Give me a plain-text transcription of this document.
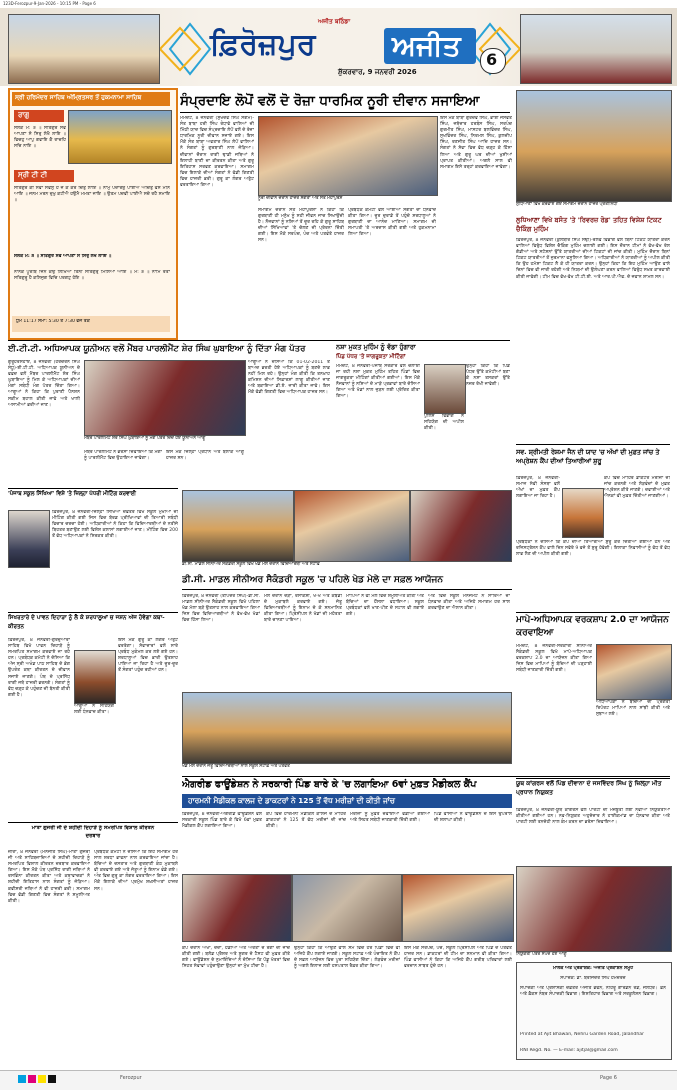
123D-Ferozpur-9-Jan-2026 - 10:15 PM - Page 6
ਅਜੀਤ ਬਠਿੰਡਾ
ਫ਼ਿਰੋਜ਼ਪੁਰ	ਅਜੀਤ
ਸ਼ੁੱਕਰਵਾਰ, 9 ਜਨਵਰੀ 2026
6
ਸ੍ਰੀ ਹਰਿਮੰਦਰ ਸਾਹਿਬ ਅੰਮ੍ਰਿਤਸਰ ਤੋਂ ਹੁਕਮਨਾਮਾ ਸਾਹਿਬ
ਰਾਗੁ
ਸਲੋਕ ਮ: ੩ ॥ ਸਤਿਗੁਰ ਸੇਵੇ ਆਪਣਾ ਸੋ ਸਿਰੁ ਲੇਖੈ ਲਾਇ ॥ ਵਿਚਹੁ ਆਪੁ ਗਵਾਇ ਕੈ ਰਾਚਹਿ ਸਚਿ ਨਾਇ ॥
ਸ੍ਰੀ ਟੀ ਟੀ
ਸਤਿਗੁਰ ਕੀ ਸੇਵਾ ਸਫਲੁ ਹੈ ਜੇ ਕੋ ਕਰੇ ਚਿਤੁ ਲਾਇ ॥ ਨਾਮੁ ਪਦਾਰਥੁ ਪਾਈਐ ਅਚਿੰਤੁ ਵਸੈ ਮਨਿ ਆਇ ॥ ਜਨਮ ਮਰਨ ਦੁਖੁ ਕਟੀਐ ਹਉਮੈ ਮਮਤਾ ਜਾਇ ॥ ਉਤਮ ਪਦਵੀ ਪਾਈਐ ਸਚੇ ਰਹੈ ਸਮਾਇ ॥
ਸਲੋਕ ਮ: ੩ ॥ ਸਤਿਗੁਰ ਸੇਵੇ ਆਪਣਾ ਸੋ ਸਿਰੁ ਲੇਖੈ ਲਾਇ ॥
ਨਾਨਕ ਪੂਰਬਿ ਜਿਨ ਕਉ ਲਿਖਿਆ ਤਿਨੀ ਸਤਿਗੁਰੁ ਮਿਲਿਆ ਆਇ ॥ ਮ: ੩ ॥ ਨਾਮਿ ਰਤਾ ਸਤਿਗੁਰੂ ਹੈ ਕਲਿਜੁਗ ਵਿਚਿ ਪਰਗਟੁ ਹੋਇ ॥
ਧੁਮ 11:17 ਸਮਾਂ: 5:30 ਤੋਂ 7:30 ਵਜੇ ਤੱਕ
ਸੰਪ੍ਰਦਾਇ ਲੋਪੋਂ ਵਲੋਂ ਦੋ ਰੋਜ਼ਾ ਧਾਰਮਿਕ ਨੂਰੀ ਦੀਵਾਨ ਸਜਾਇਆ
ਮਮਦੋਟ, 8 ਜਨਵਰੀ (ਸੁਖਦੇਵ ਸਿੰਘ ਸੰਗਮ)-ਸੰਤ ਬਾਬਾ ਹਰੀ ਸਿੰਘ ਰੰਧਾਵੇ ਵਾਲਿਆਂ ਦੀ ਮਿੱਠੀ ਯਾਦ ਵਿਚ ਸੰਪ੍ਰਦਾਇ ਲੋਪੋਂ ਵਲੋਂ ਦੋ ਰੋਜ਼ਾ ਧਾਰਮਿਕ ਨੂਰੀ ਦੀਵਾਨ ਸਜਾਏ ਗਏ। ਇਸ ਮੌਕੇ ਸੰਤ ਬਾਬਾ ਅਵਤਾਰ ਸਿੰਘ ਲੋਪੋਂ ਵਾਲਿਆਂ ਨੇ ਸੰਗਤਾਂ ਨੂੰ ਗੁਰਬਾਣੀ ਨਾਲ ਜੋੜਿਆ। ਦੀਵਾਨਾਂ ਦੌਰਾਨ ਰਾਗੀ ਢਾਡੀ ਜਥਿਆਂ ਨੇ ਇਲਾਹੀ ਬਾਣੀ ਦਾ ਕੀਰਤਨ ਕੀਤਾ ਅਤੇ ਗੁਰੂ ਇਤਿਹਾਸ ਸਰਵਣ ਕਰਵਾਇਆ। ਸਮਾਗਮ ਵਿਚ ਇਲਾਕੇ ਦੀਆਂ ਸੰਗਤਾਂ ਨੇ ਵੱਡੀ ਗਿਣਤੀ ਵਿਚ ਹਾਜ਼ਰੀ ਭਰੀ। ਗੁਰੂ ਕਾ ਲੰਗਰ ਅਤੁੱਟ ਵਰਤਾਇਆ ਗਿਆ।
ਨੂਰੀ ਦੀਵਾਨ ਦੌਰਾਨ ਹਾਜ਼ਰ ਸੰਗਤਾਂ ਅਤੇ ਸੰਤ ਮਹਾਂਪੁਰਸ਼
ਸਮਾਗਮ ਦੌਰਾਨ ਸੰਤ ਮਹਾਂਪੁਰਸ਼ਾਂ ਨੇ ਕਿਹਾ ਕਿ ਗੁਰਬਾਣੀ ਹੀ ਮਨੁੱਖ ਨੂੰ ਸਹੀ ਜੀਵਨ ਜਾਚ ਸਿਖਾਉਂਦੀ ਹੈ। ਨੌਜਵਾਨਾਂ ਨੂੰ ਨਸ਼ਿਆਂ ਤੋਂ ਦੂਰ ਰਹਿ ਕੇ ਗੁਰੂ ਸਾਹਿਬ ਦੀਆਂ ਸਿੱਖਿਆਵਾਂ 'ਤੇ ਚੱਲਣ ਦੀ ਪ੍ਰੇਰਨਾ ਦਿੱਤੀ ਗਈ। ਇਸ ਮੌਕੇ ਸਰਪੰਚ, ਪੰਚ ਅਤੇ ਪਤਵੰਤੇ ਹਾਜ਼ਰ ਸਨ।
ਪ੍ਰਬੰਧਕ ਕਮੇਟੀ ਵਲੋਂ ਆਈਆਂ ਸੰਗਤਾਂ ਦਾ ਧੰਨਵਾਦ ਕੀਤਾ ਗਿਆ। ਦੂਰ ਦੁਰਾਡੇ ਤੋਂ ਪਹੁੰਚੇ ਸ਼ਰਧਾਲੂਆਂ ਨੇ ਗੁਰਬਾਣੀ ਦਾ ਆਨੰਦ ਮਾਣਿਆ। ਸਮਾਗਮ ਦੀ ਸਮਾਪਤੀ 'ਤੇ ਅਰਦਾਸ ਕੀਤੀ ਗਈ ਅਤੇ ਹੁਕਮਨਾਮਾ ਲਿਆ ਗਿਆ।
ਇਸ ਮੌਕੇ ਬਾਬਾ ਗੁਰਦੇਵ ਸਿੰਘ, ਭਾਈ ਜਸਵੰਤ ਸਿੰਘ, ਜਥੇਦਾਰ ਹਰਬੰਸ ਸਿੰਘ, ਸਰਪੰਚ ਗੁਰਮੀਤ ਸਿੰਘ, ਮਾਸਟਰ ਬਲਵਿੰਦਰ ਸਿੰਘ, ਸੁਖਵਿੰਦਰ ਸਿੰਘ, ਨਿਰਮਲ ਸਿੰਘ, ਕੁਲਦੀਪ ਸਿੰਘ, ਰਣਜੀਤ ਸਿੰਘ ਆਦਿ ਹਾਜ਼ਰ ਸਨ। ਸੰਗਤਾਂ ਨੇ ਸੇਵਾ ਵਿਚ ਵੱਧ ਚੜ੍ਹ ਕੇ ਹਿੱਸਾ ਲਿਆ ਅਤੇ ਗੁਰੂ ਘਰ ਦੀਆਂ ਖੁਸ਼ੀਆਂ ਪ੍ਰਾਪਤ ਕੀਤੀਆਂ। ਅਗਲੇ ਸਾਲ ਵੀ ਸਮਾਗਮ ਇਸੇ ਤਰ੍ਹਾਂ ਕਰਵਾਇਆ ਜਾਵੇਗਾ।
ਲੁਧਿਆਣਾ ਵਿਖੇ ਕਰਵਾਏ ਗਏ ਸਮਾਗਮ ਦੌਰਾਨ ਹਾਜ਼ਰ ਪ੍ਰਤੀਨਿਧੀ
ਲੁਧਿਆਣਾ ਵਿਖੇ ਬਸੰਤ 'ਤੇ 'ਰਿਵਰਜ਼ ਰੋਡ' ਤਹਿਤ ਵਿਸ਼ੇਸ਼ ਟਿਕਟ ਚੈਕਿੰਗ ਮੁਹਿੰਮ
ਫ਼ਿਰੋਜ਼ਪੁਰ, 8 ਜਨਵਰੀ (ਕੁਲਬੀਰ ਸਿੰਘ ਸੋਢੀ)-ਰੇਲਵੇ ਵਿਭਾਗ ਵਲੋਂ ਬਿਨਾਂ ਟਿਕਟ ਯਾਤਰਾ ਕਰਨ ਵਾਲਿਆਂ ਵਿਰੁੱਧ ਵਿਸ਼ੇਸ਼ ਚੈਕਿੰਗ ਮੁਹਿੰਮ ਚਲਾਈ ਗਈ। ਇਸ ਦੌਰਾਨ ਟੀਮਾਂ ਨੇ ਵੱਖ-ਵੱਖ ਰੇਲ ਗੱਡੀਆਂ ਅਤੇ ਸਟੇਸ਼ਨਾਂ ਉੱਤੇ ਯਾਤਰੀਆਂ ਦੀਆਂ ਟਿਕਟਾਂ ਦੀ ਜਾਂਚ ਕੀਤੀ। ਮੁਹਿੰਮ ਦੌਰਾਨ ਬਿਨਾਂ ਟਿਕਟ ਯਾਤਰੀਆਂ ਤੋਂ ਜੁਰਮਾਨਾ ਵਸੂਲਿਆ ਗਿਆ। ਅਧਿਕਾਰੀਆਂ ਨੇ ਯਾਤਰੀਆਂ ਨੂੰ ਅਪੀਲ ਕੀਤੀ ਕਿ ਉਹ ਹਮੇਸ਼ਾ ਟਿਕਟ ਲੈ ਕੇ ਹੀ ਯਾਤਰਾ ਕਰਨ। ਉਨ੍ਹਾਂ ਕਿਹਾ ਕਿ ਇਹ ਮੁਹਿੰਮ ਆਉਣ ਵਾਲੇ ਦਿਨਾਂ ਵਿਚ ਵੀ ਜਾਰੀ ਰਹੇਗੀ ਅਤੇ ਨਿਯਮਾਂ ਦੀ ਉਲੰਘਣਾ ਕਰਨ ਵਾਲਿਆਂ ਵਿਰੁੱਧ ਸਖ਼ਤ ਕਾਰਵਾਈ ਕੀਤੀ ਜਾਵੇਗੀ। ਟੀਮ ਵਿਚ ਵੱਖ-ਵੱਖ ਟੀ.ਟੀ.ਈ. ਅਤੇ ਆਰ.ਪੀ.ਐਫ. ਦੇ ਜਵਾਨ ਸ਼ਾਮਲ ਸਨ।
ਈ.ਟੀ.ਟੀ. ਅਧਿਆਪਕ ਯੂਨੀਅਨ ਵਲੋਂ ਮੈਂਬਰ ਪਾਰਲੀਮੈਂਟ ਸ਼ੇਰ ਸਿੰਘ ਘੁਬਾਇਆ ਨੂੰ ਦਿੱਤਾ ਮੰਗ ਪੱਤਰ
ਗੁਰੂਹਰਸਹਾਏ, 8 ਜਨਵਰੀ (ਹਰਚਰਨ ਸਿੰਘ ਸੰਧੂ)-ਈ.ਟੀ.ਟੀ. ਅਧਿਆਪਕ ਯੂਨੀਅਨ ਦੇ ਵਫ਼ਦ ਵਲੋਂ ਮੈਂਬਰ ਪਾਰਲੀਮੈਂਟ ਸ਼ੇਰ ਸਿੰਘ ਘੁਬਾਇਆ ਨੂੰ ਮਿਲ ਕੇ ਅਧਿਆਪਕਾਂ ਦੀਆਂ ਮੰਗਾਂ ਸਬੰਧੀ ਮੰਗ ਪੱਤਰ ਦਿੱਤਾ ਗਿਆ। ਆਗੂਆਂ ਨੇ ਕਿਹਾ ਕਿ ਪੁਰਾਣੀ ਪੈਨਸ਼ਨ ਸਕੀਮ ਬਹਾਲ ਕੀਤੀ ਜਾਵੇ ਅਤੇ ਖਾਲੀ ਅਸਾਮੀਆਂ ਭਰੀਆਂ ਜਾਣ।
ਮੈਂਬਰ ਪਾਰਲੀਮੈਂਟ ਸ਼ੇਰ ਸਿੰਘ ਘੁਬਾਇਆ ਨੂੰ ਮੰਗ ਪੱਤਰ ਦਿੰਦੇ ਹੋਏ ਯੂਨੀਅਨ ਆਗੂ
ਮੈਂਬਰ ਪਾਰਲੀਮੈਂਟ ਨੇ ਭਰੋਸਾ ਦਿਵਾਇਆ ਕਿ ਮੰਗਾਂ ਨੂੰ ਪਾਰਲੀਮੈਂਟ ਵਿਚ ਉਠਾਇਆ ਜਾਵੇਗਾ।
ਇਸ ਮੌਕੇ ਜ਼ਿਲ੍ਹਾ ਪ੍ਰਧਾਨ ਅਤੇ ਬਲਾਕ ਆਗੂ ਹਾਜ਼ਰ ਸਨ।
ਆਗੂਆਂ ਨੇ ਦੱਸਿਆ ਕਿ 01-02-2011 ਤੋਂ ਬਾਅਦ ਭਰਤੀ ਹੋਏ ਅਧਿਆਪਕਾਂ ਨੂੰ ਬਣਦੇ ਲਾਭ ਨਹੀਂ ਮਿਲ ਰਹੇ। ਉਨ੍ਹਾਂ ਮੰਗ ਕੀਤੀ ਕਿ ਤਨਖ਼ਾਹ ਕਮਿਸ਼ਨ ਦੀਆਂ ਸਿਫ਼ਾਰਸ਼ਾਂ ਲਾਗੂ ਕੀਤੀਆਂ ਜਾਣ ਅਤੇ ਬਕਾਇਆ ਡੀ.ਏ. ਜਾਰੀ ਕੀਤਾ ਜਾਵੇ। ਇਸ ਮੌਕੇ ਵੱਡੀ ਗਿਣਤੀ ਵਿਚ ਅਧਿਆਪਕ ਹਾਜ਼ਰ ਸਨ।
ਨਸ਼ਾ ਮੁਕਤ ਮੁਹਿੰਮ ਨੂੰ ਵੱਡਾ ਹੁੰਗਾਰਾ
ਪਿੰਡ ਪੱਧਰ 'ਤੇ ਜਾਗਰੂਕਤਾ ਮੀਟਿੰਗਾਂ
ਮਮਦੋਟ, 8 ਜਨਵਰੀ-ਪੰਜਾਬ ਸਰਕਾਰ ਵਲੋਂ ਚਲਾਈ ਜਾ ਰਹੀ ਨਸ਼ਾ ਮੁਕਤ ਮੁਹਿੰਮ ਤਹਿਤ ਪਿੰਡਾਂ ਵਿਚ ਜਾਗਰੂਕਤਾ ਮੀਟਿੰਗਾਂ ਕੀਤੀਆਂ ਗਈਆਂ। ਇਸ ਮੌਕੇ ਨੌਜਵਾਨਾਂ ਨੂੰ ਨਸ਼ਿਆਂ ਦੇ ਮਾੜੇ ਪ੍ਰਭਾਵਾਂ ਬਾਰੇ ਦੱਸਿਆ ਗਿਆ ਅਤੇ ਖੇਡਾਂ ਨਾਲ ਜੁੜਨ ਲਈ ਪ੍ਰੇਰਿਤ ਕੀਤਾ ਗਿਆ।
ਉਨ੍ਹਾਂ ਕਿਹਾ ਕਿ ਪਿੰਡ ਪੱਧਰ ਉੱਤੇ ਕਮੇਟੀਆਂ ਬਣਾ ਕੇ ਨਸ਼ਾ ਤਸਕਰਾਂ ਉੱਤੇ ਨਜ਼ਰ ਰੱਖੀ ਜਾਵੇਗੀ।
ਪੁਲਿਸ ਵਿਭਾਗ ਨੇ ਸਹਿਯੋਗ ਦੀ ਅਪੀਲ ਕੀਤੀ।
ਸਵ. ਸ਼੍ਰੀਮਤੀ ਰੇਸ਼ਮਾ ਜੈਨ ਦੀ ਯਾਦ 'ਚ ਅੱਖਾਂ ਦੀ ਮੁਫ਼ਤ ਜਾਂਚ ਤੇ ਅਪ੍ਰੇਸ਼ਨ ਕੈਂਪ ਦੀਆਂ ਤਿਆਰੀਆਂ ਸ਼ੁਰੂ
ਫ਼ਿਰੋਜ਼ਪੁਰ, 8 ਜਨਵਰੀ-ਸਮਾਜ ਸੇਵੀ ਸੰਸਥਾ ਵਲੋਂ ਅੱਖਾਂ ਦਾ ਮੁਫ਼ਤ ਕੈਂਪ ਲਗਾਇਆ ਜਾ ਰਿਹਾ ਹੈ।
ਕੈਂਪ ਵਿਚ ਮਾਹਿਰ ਡਾਕਟਰ ਮਰੀਜ਼ਾਂ ਦੀ ਜਾਂਚ ਕਰਨਗੇ ਅਤੇ ਲੋੜਵੰਦਾਂ ਦੇ ਮੁਫ਼ਤ ਅਪ੍ਰੇਸ਼ਨ ਕੀਤੇ ਜਾਣਗੇ। ਦਵਾਈਆਂ ਅਤੇ ਐਨਕਾਂ ਵੀ ਮੁਫ਼ਤ ਦਿੱਤੀਆਂ ਜਾਣਗੀਆਂ।
ਪ੍ਰਬੰਧਕਾਂ ਨੇ ਦੱਸਿਆ ਕਿ ਕੈਂਪ ਦੀਆਂ ਤਿਆਰੀਆਂ ਸ਼ੁਰੂ ਕਰ ਦਿੱਤੀਆਂ ਗਈਆਂ ਹਨ ਅਤੇ ਰਜਿਸਟ੍ਰੇਸ਼ਨ ਕੈਂਪ ਵਾਲੇ ਦਿਨ ਸਵੇਰੇ 9 ਵਜੇ ਤੋਂ ਸ਼ੁਰੂ ਹੋਵੇਗੀ। ਇਲਾਕਾ ਨਿਵਾਸੀਆਂ ਨੂੰ ਵੱਧ ਤੋਂ ਵੱਧ ਲਾਭ ਲੈਣ ਦੀ ਅਪੀਲ ਕੀਤੀ ਗਈ।
'ਪੰਜਾਬ ਸਕੂਲ ਸਿੱਖਿਆ' ਵਿਸ਼ੇ 'ਤੇ ਜ਼ਿਲ੍ਹਾ ਪੱਧਰੀ ਮੀਟਿੰਗ ਕਰਵਾਈ
ਫ਼ਿਰੋਜ਼ਪੁਰ, 8 ਜਨਵਰੀ-ਜ਼ਿਲ੍ਹਾ ਸਿੱਖਿਆ ਦਫ਼ਤਰ ਵਿਖੇ ਸਕੂਲ ਮੁਖੀਆਂ ਦੀ ਮੀਟਿੰਗ ਕੀਤੀ ਗਈ ਜਿਸ ਵਿਚ ਬੋਰਡ ਪ੍ਰੀਖਿਆਵਾਂ ਦੀ ਤਿਆਰੀ ਸਬੰਧੀ ਵਿਚਾਰ ਚਰਚਾ ਹੋਈ। ਅਧਿਕਾਰੀਆਂ ਨੇ ਕਿਹਾ ਕਿ ਵਿਦਿਆਰਥੀਆਂ ਦੇ ਨਤੀਜੇ ਬਿਹਤਰ ਬਣਾਉਣ ਲਈ ਵਿਸ਼ੇਸ਼ ਕਲਾਸਾਂ ਲਗਾਈਆਂ ਜਾਣ। ਮੀਟਿੰਗ ਵਿਚ 200 ਤੋਂ ਵੱਧ ਅਧਿਆਪਕਾਂ ਨੇ ਸ਼ਿਰਕਤ ਕੀਤੀ।
ਡੀ.ਸੀ. ਮਾਡਲ ਸੀਨੀਅਰ ਸੈਕੰਡਰੀ ਸਕੂਲ ਵਿਖੇ ਖੇਡ ਮੇਲੇ ਦੌਰਾਨ ਵਿਦਿਆਰਥੀ ਅਤੇ ਸਟਾਫ਼
ਡੀ.ਸੀ. ਮਾਡਲ ਸੀਨੀਅਰ ਸੈਕੰਡਰੀ ਸਕੂਲ 'ਚ ਪਹਿਲੇ ਖੇਡ ਮੇਲੇ ਦਾ ਸਫ਼ਲ ਆਯੋਜਨ
ਫ਼ਿਰੋਜ਼ਪੁਰ, 8 ਜਨਵਰੀ (ਤਪਿੰਦਰ ਸਿੰਘ)-ਡੀ.ਸੀ. ਮਾਡਲ ਸੀਨੀਅਰ ਸੈਕੰਡਰੀ ਸਕੂਲ ਵਿਖੇ ਪਹਿਲਾ ਖੇਡ ਮੇਲਾ ਬੜੇ ਉਤਸ਼ਾਹ ਨਾਲ ਕਰਵਾਇਆ ਗਿਆ ਜਿਸ ਵਿਚ ਵਿਦਿਆਰਥੀਆਂ ਨੇ ਵੱਖ-ਵੱਖ ਖੇਡਾਂ ਵਿਚ ਹਿੱਸਾ ਲਿਆ।
ਮੇਲੇ ਦੌਰਾਨ ਦੌੜਾਂ, ਰੱਸਾਕਸ਼ੀ, ਖੋ-ਖੋ ਅਤੇ ਕਬੱਡੀ ਦੇ ਮੁਕਾਬਲੇ ਕਰਵਾਏ ਗਏ। ਜੇਤੂ ਵਿਦਿਆਰਥੀਆਂ ਨੂੰ ਇਨਾਮ ਦੇ ਕੇ ਸਨਮਾਨਿਤ ਕੀਤਾ ਗਿਆ। ਪ੍ਰਿੰਸੀਪਲ ਨੇ ਖੇਡਾਂ ਦੀ ਮਹੱਤਤਾ ਬਾਰੇ ਚਾਨਣਾ ਪਾਇਆ।
ਮਾਪਿਆਂ ਨੇ ਵੀ ਮੇਲੇ ਵਿਚ ਸ਼ਮੂਲੀਅਤ ਕੀਤੀ ਅਤੇ ਬੱਚਿਆਂ ਦਾ ਹੌਂਸਲਾ ਵਧਾਇਆ। ਸਕੂਲ ਪ੍ਰਬੰਧਕਾਂ ਵਲੋਂ ਖਾਣ-ਪੀਣ ਦੇ ਸਟਾਲ ਵੀ ਲਗਾਏ ਗਏ।
ਅੰਤ ਵਿਚ ਸਕੂਲ ਮੈਨੇਜਮੈਂਟ ਨੇ ਸਾਰਿਆਂ ਦਾ ਧੰਨਵਾਦ ਕੀਤਾ ਅਤੇ ਅਜਿਹੇ ਸਮਾਗਮ ਹਰ ਸਾਲ ਕਰਵਾਉਣ ਦਾ ਐਲਾਨ ਕੀਤਾ।
ਸਿਖਰਤਾਰੇ ਦੇ ਪਾਵਨ ਦਿਹਾੜਾ ਨੂੰ ਲੈ ਕੇ ਸ਼ਰਧਾਲੂਆਂ ਚ ਜਸ਼ਨ ਅੱਜ ਹੋਵੇਗਾ ਕਥਾ-ਕੀਰਤਨ
ਫ਼ਿਰੋਜ਼ਪੁਰ, 8 ਜਨਵਰੀ-ਗੁਰਦੁਆਰਾ ਸਾਹਿਬ ਵਿਖੇ ਪਾਵਨ ਦਿਹਾੜੇ ਨੂੰ ਸਮਰਪਿਤ ਸਮਾਗਮ ਕਰਵਾਏ ਜਾ ਰਹੇ ਹਨ। ਪ੍ਰਬੰਧਕ ਕਮੇਟੀ ਨੇ ਦੱਸਿਆ ਕਿ ਅੱਜ ਸ੍ਰੀ ਅਖੰਡ ਪਾਠ ਸਾਹਿਬ ਦੇ ਭੋਗ ਉਪਰੰਤ ਕਥਾ ਕੀਰਤਨ ਦੇ ਦੀਵਾਨ ਸਜਾਏ ਜਾਣਗੇ। ਪੰਥ ਦੇ ਪ੍ਰਸਿੱਧ ਰਾਗੀ ਜਥੇ ਹਾਜ਼ਰੀ ਭਰਨਗੇ। ਸੰਗਤਾਂ ਨੂੰ ਵੱਧ ਚੜ੍ਹ ਕੇ ਪਹੁੰਚਣ ਦੀ ਬੇਨਤੀ ਕੀਤੀ ਗਈ ਹੈ।
ਇਸ ਮੌਕੇ ਗੁਰੂ ਕਾ ਲੰਗਰ ਅਤੁੱਟ ਵਰਤੇਗਾ। ਸੇਵਾਦਾਰਾਂ ਵਲੋਂ ਸਾਰੇ ਪ੍ਰਬੰਧ ਮੁਕੰਮਲ ਕਰ ਲਏ ਗਏ ਹਨ। ਸ਼ਰਧਾਲੂਆਂ ਵਿਚ ਭਾਰੀ ਉਤਸ਼ਾਹ ਪਾਇਆ ਜਾ ਰਿਹਾ ਹੈ ਅਤੇ ਦੂਰ-ਦੂਰ ਤੋਂ ਸੰਗਤਾਂ ਪਹੁੰਚ ਰਹੀਆਂ ਹਨ।
ਆਗੂਆਂ ਨੇ ਸਹਿਯੋਗ ਲਈ ਧੰਨਵਾਦ ਕੀਤਾ।
ਮਾਪੇ-ਅਧਿਆਪਕ ਵਰਕਸ਼ਾਪ 2.0 ਦਾ ਆਯੋਜਨ ਕਰਵਾਇਆ
ਮਮਦੋਟ, 8 ਜਨਵਰੀ-ਸਰਕਾਰੀ ਸੀਨੀਅਰ ਸੈਕੰਡਰੀ ਸਕੂਲ ਵਿਖੇ ਮਾਪੇ-ਅਧਿਆਪਕ ਵਰਕਸ਼ਾਪ 2.0 ਦਾ ਆਯੋਜਨ ਕੀਤਾ ਗਿਆ ਜਿਸ ਵਿਚ ਮਾਪਿਆਂ ਨੂੰ ਬੱਚਿਆਂ ਦੀ ਪੜ੍ਹਾਈ ਸਬੰਧੀ ਜਾਣਕਾਰੀ ਦਿੱਤੀ ਗਈ।
ਅਧਿਆਪਕਾਂ ਨੇ ਬੱਚਿਆਂ ਦੀ ਪ੍ਰਗਤੀ ਰਿਪੋਰਟ ਮਾਪਿਆਂ ਨਾਲ ਸਾਂਝੀ ਕੀਤੀ ਅਤੇ ਸੁਝਾਅ ਲਏ।
ਖੇਡ ਮੇਲੇ ਦੌਰਾਨ ਜੇਤੂ ਵਿਦਿਆਰਥੀਆਂ ਨਾਲ ਸਕੂਲ ਸਟਾਫ਼ ਅਤੇ ਪਤਵੰਤੇ
ਮਾਤਾ ਗੁਜਰੀ ਜੀ ਦੇ ਸ਼ਹੀਦੀ ਦਿਹਾੜੇ ਨੂੰ ਸਮਰਪਿਤ ਵਿਸ਼ਾਲ ਕੀਰਤਨ ਦਰਬਾਰ
ਜ਼ੀਰਾ, 8 ਜਨਵਰੀ (ਮਨਜੀਤ ਸਿੰਘ)-ਮਾਤਾ ਗੁਜਰੀ ਜੀ ਅਤੇ ਸਾਹਿਬਜ਼ਾਦਿਆਂ ਦੇ ਸ਼ਹੀਦੀ ਦਿਹਾੜੇ ਨੂੰ ਸਮਰਪਿਤ ਵਿਸ਼ਾਲ ਕੀਰਤਨ ਦਰਬਾਰ ਕਰਵਾਇਆ ਗਿਆ। ਇਸ ਮੌਕੇ ਪੰਥ ਪ੍ਰਸਿੱਧ ਰਾਗੀ ਜਥਿਆਂ ਨੇ ਰਸਭਿੰਨਾ ਕੀਰਤਨ ਕੀਤਾ ਅਤੇ ਕਥਾਵਾਚਕਾਂ ਨੇ ਸ਼ਹੀਦੀ ਇਤਿਹਾਸ ਨਾਲ ਸੰਗਤਾਂ ਨੂੰ ਜੋੜਿਆ। ਕਵੀਸ਼ਰੀ ਜਥਿਆਂ ਨੇ ਵੀ ਹਾਜ਼ਰੀ ਭਰੀ। ਸਮਾਗਮ ਵਿਚ ਵੱਡੀ ਗਿਣਤੀ ਵਿਚ ਸੰਗਤਾਂ ਨੇ ਸ਼ਮੂਲੀਅਤ ਕੀਤੀ।
ਪ੍ਰਬੰਧਕ ਕਮੇਟੀ ਨੇ ਦੱਸਿਆ ਕਿ ਇਹ ਸਮਾਗਮ ਹਰ ਸਾਲ ਸ਼ਰਧਾ ਭਾਵਨਾ ਨਾਲ ਕਰਵਾਇਆ ਜਾਂਦਾ ਹੈ। ਬੱਚਿਆਂ ਦੇ ਦਸਤਾਰ ਅਤੇ ਗੁਰਬਾਣੀ ਕੰਠ ਮੁਕਾਬਲੇ ਵੀ ਕਰਵਾਏ ਗਏ ਅਤੇ ਜੇਤੂਆਂ ਨੂੰ ਇਨਾਮ ਵੰਡੇ ਗਏ। ਅੰਤ ਵਿਚ ਗੁਰੂ ਕਾ ਲੰਗਰ ਵਰਤਾਇਆ ਗਿਆ। ਇਸ ਮੌਕੇ ਇਲਾਕੇ ਦੀਆਂ ਪ੍ਰਮੁੱਖ ਸ਼ਖ਼ਸੀਅਤਾਂ ਹਾਜ਼ਰ ਸਨ।
ਐਗਰੀਡ ਫਾਊਂਡੇਸ਼ਨ ਨੇ ਸਰਕਾਰੀ ਪਿੰਡ ਬਾਰੇ ਕੇ 'ਚ ਲਗਾਇਆ 6ਵਾਂ ਮੁਫ਼ਤ ਮੈਡੀਕਲ ਕੈਂਪ
ਹਾਰਮਨੀ ਮੈਡੀਕਲ ਕਾਲਜ ਦੇ ਡਾਕਟਰਾਂ ਨੇ 125 ਤੋਂ ਵੱਧ ਮਰੀਜ਼ਾਂ ਦੀ ਕੀਤੀ ਜਾਂਚ
ਫ਼ਿਰੋਜ਼ਪੁਰ, 8 ਜਨਵਰੀ-ਐਗਰੀਡ ਫਾਊਂਡੇਸ਼ਨ ਵਲੋਂ ਸਰਕਾਰੀ ਸਕੂਲ ਪਿੰਡ ਬਾਰੇ ਕੇ ਵਿਖੇ 6ਵਾਂ ਮੁਫ਼ਤ ਮੈਡੀਕਲ ਕੈਂਪ ਲਗਾਇਆ ਗਿਆ।
ਕੈਂਪ ਵਿਚ ਹਾਰਮਨੀ ਮੈਡੀਕਲ ਕਾਲਜ ਦੇ ਮਾਹਿਰ ਡਾਕਟਰਾਂ ਨੇ 125 ਤੋਂ ਵੱਧ ਮਰੀਜ਼ਾਂ ਦੀ ਜਾਂਚ ਕੀਤੀ।
ਮਰੀਜ਼ਾਂ ਨੂੰ ਮੁਫ਼ਤ ਦਵਾਈਆਂ ਵੰਡੀਆਂ ਗਈਆਂ ਅਤੇ ਸਿਹਤ ਸਬੰਧੀ ਜਾਣਕਾਰੀ ਦਿੱਤੀ ਗਈ।
ਪਿੰਡ ਵਾਸੀਆਂ ਨੇ ਫਾਊਂਡੇਸ਼ਨ ਦੇ ਇਸ ਉਪਰਾਲੇ ਦੀ ਸ਼ਲਾਘਾ ਕੀਤੀ।
ਕੈਂਪ ਦੌਰਾਨ ਅੱਖਾਂ, ਦੰਦਾਂ, ਹੱਡੀਆਂ ਅਤੇ ਔਰਤਾਂ ਦੇ ਰੋਗਾਂ ਦੀ ਜਾਂਚ ਕੀਤੀ ਗਈ। ਬਲੱਡ ਪ੍ਰੈਸ਼ਰ ਅਤੇ ਸ਼ੂਗਰ ਦੇ ਟੈਸਟ ਵੀ ਮੁਫ਼ਤ ਕੀਤੇ ਗਏ। ਫਾਊਂਡੇਸ਼ਨ ਦੇ ਨੁਮਾਇੰਦਿਆਂ ਨੇ ਦੱਸਿਆ ਕਿ ਪੇਂਡੂ ਖੇਤਰਾਂ ਵਿਚ ਸਿਹਤ ਸੇਵਾਵਾਂ ਪਹੁੰਚਾਉਣਾ ਉਨ੍ਹਾਂ ਦਾ ਮੁੱਖ ਟੀਚਾ ਹੈ।
ਉਨ੍ਹਾਂ ਕਿਹਾ ਕਿ ਆਉਣ ਵਾਲੇ ਸਮੇਂ ਵਿਚ ਹੋਰ ਪਿੰਡਾਂ ਵਿਚ ਵੀ ਅਜਿਹੇ ਕੈਂਪ ਲਗਾਏ ਜਾਣਗੇ। ਸਕੂਲ ਸਟਾਫ਼ ਅਤੇ ਪੰਚਾਇਤ ਨੇ ਕੈਂਪ ਦੇ ਸਫ਼ਲ ਆਯੋਜਨ ਵਿਚ ਪੂਰਾ ਸਹਿਯੋਗ ਦਿੱਤਾ। ਲੋੜਵੰਦ ਮਰੀਜ਼ਾਂ ਨੂੰ ਅਗਲੇ ਇਲਾਜ ਲਈ ਹਸਪਤਾਲ ਰੈਫ਼ਰ ਕੀਤਾ ਗਿਆ।
ਇਸ ਮੌਕੇ ਸਰਪੰਚ, ਪੰਚ, ਸਕੂਲ ਪ੍ਰਿੰਸੀਪਲ ਅਤੇ ਪਿੰਡ ਦੇ ਪਤਵੰਤੇ ਹਾਜ਼ਰ ਸਨ। ਡਾਕਟਰਾਂ ਦੀ ਟੀਮ ਦਾ ਸਨਮਾਨ ਵੀ ਕੀਤਾ ਗਿਆ। ਪਿੰਡ ਵਾਸੀਆਂ ਨੇ ਕਿਹਾ ਕਿ ਅਜਿਹੇ ਕੈਂਪ ਗਰੀਬ ਪਰਿਵਾਰਾਂ ਲਈ ਵਰਦਾਨ ਸਾਬਤ ਹੁੰਦੇ ਹਨ।
ਯੂਥ ਕਾਂਗਰਸ ਵਲੋਂ ਪਿੰਡ ਦੀਵਾਨਾ ਦੇ ਜਸਵਿੰਦਰ ਸਿੰਘ ਨੂੰ ਜ਼ਿਲ੍ਹਾ ਮੀਤ ਪ੍ਰਧਾਨ ਨਿਯੁਕਤ
ਫ਼ਿਰੋਜ਼ਪੁਰ, 8 ਜਨਵਰੀ-ਯੂਥ ਕਾਂਗਰਸ ਵਲੋਂ ਪਾਰਟੀ ਦੀ ਮਜ਼ਬੂਤੀ ਲਈ ਨਵੀਆਂ ਨਿਯੁਕਤੀਆਂ ਕੀਤੀਆਂ ਗਈਆਂ ਹਨ। ਨਵ-ਨਿਯੁਕਤ ਅਹੁਦੇਦਾਰ ਨੇ ਹਾਈਕਮਾਂਡ ਦਾ ਧੰਨਵਾਦ ਕੀਤਾ ਅਤੇ ਪਾਰਟੀ ਲਈ ਤਨਦੇਹੀ ਨਾਲ ਕੰਮ ਕਰਨ ਦਾ ਭਰੋਸਾ ਦਿਵਾਇਆ।
ਨਿਯੁਕਤੀ ਪੱਤਰ ਸੌਂਪਦੇ ਹੋਏ ਆਗੂ
ਮਾਲਕ ਅਤੇ ਪ੍ਰਕਾਸ਼ਕ: ਅਜੀਤ ਪ੍ਰਕਾਸ਼ਨ ਸਮੂਹ
ਸੰਪਾਦਕ: ਡਾ. ਬਰਜਿੰਦਰ ਸਿੰਘ ਹਮਦਰਦ
ਸੰਪਾਦਕੀ ਅਤੇ ਪ੍ਰਸ਼ਾਸਕੀ ਦਫ਼ਤਰ ਅਜੀਤ ਭਵਨ, ਨਹਿਰੂ ਗਾਰਡਨ ਰੋਡ, ਜਲੰਧਰ। ਫ਼ੋਨ ਅਤੇ ਫ਼ੈਕਸ ਨੰਬਰ ਸੰਪਾਦਕੀ ਵਿਭਾਗ। ਇਸ਼ਤਿਹਾਰ ਵਿਭਾਗ ਅਤੇ ਸਰਕੂਲੇਸ਼ਨ ਵਿਭਾਗ।
Printed at Ajit Bhawan, Nehru Garden Road, Jalandhar
RNI Regd. No. — E-mail: ajitjal@gmail.com
Ferozpur	Page 6
